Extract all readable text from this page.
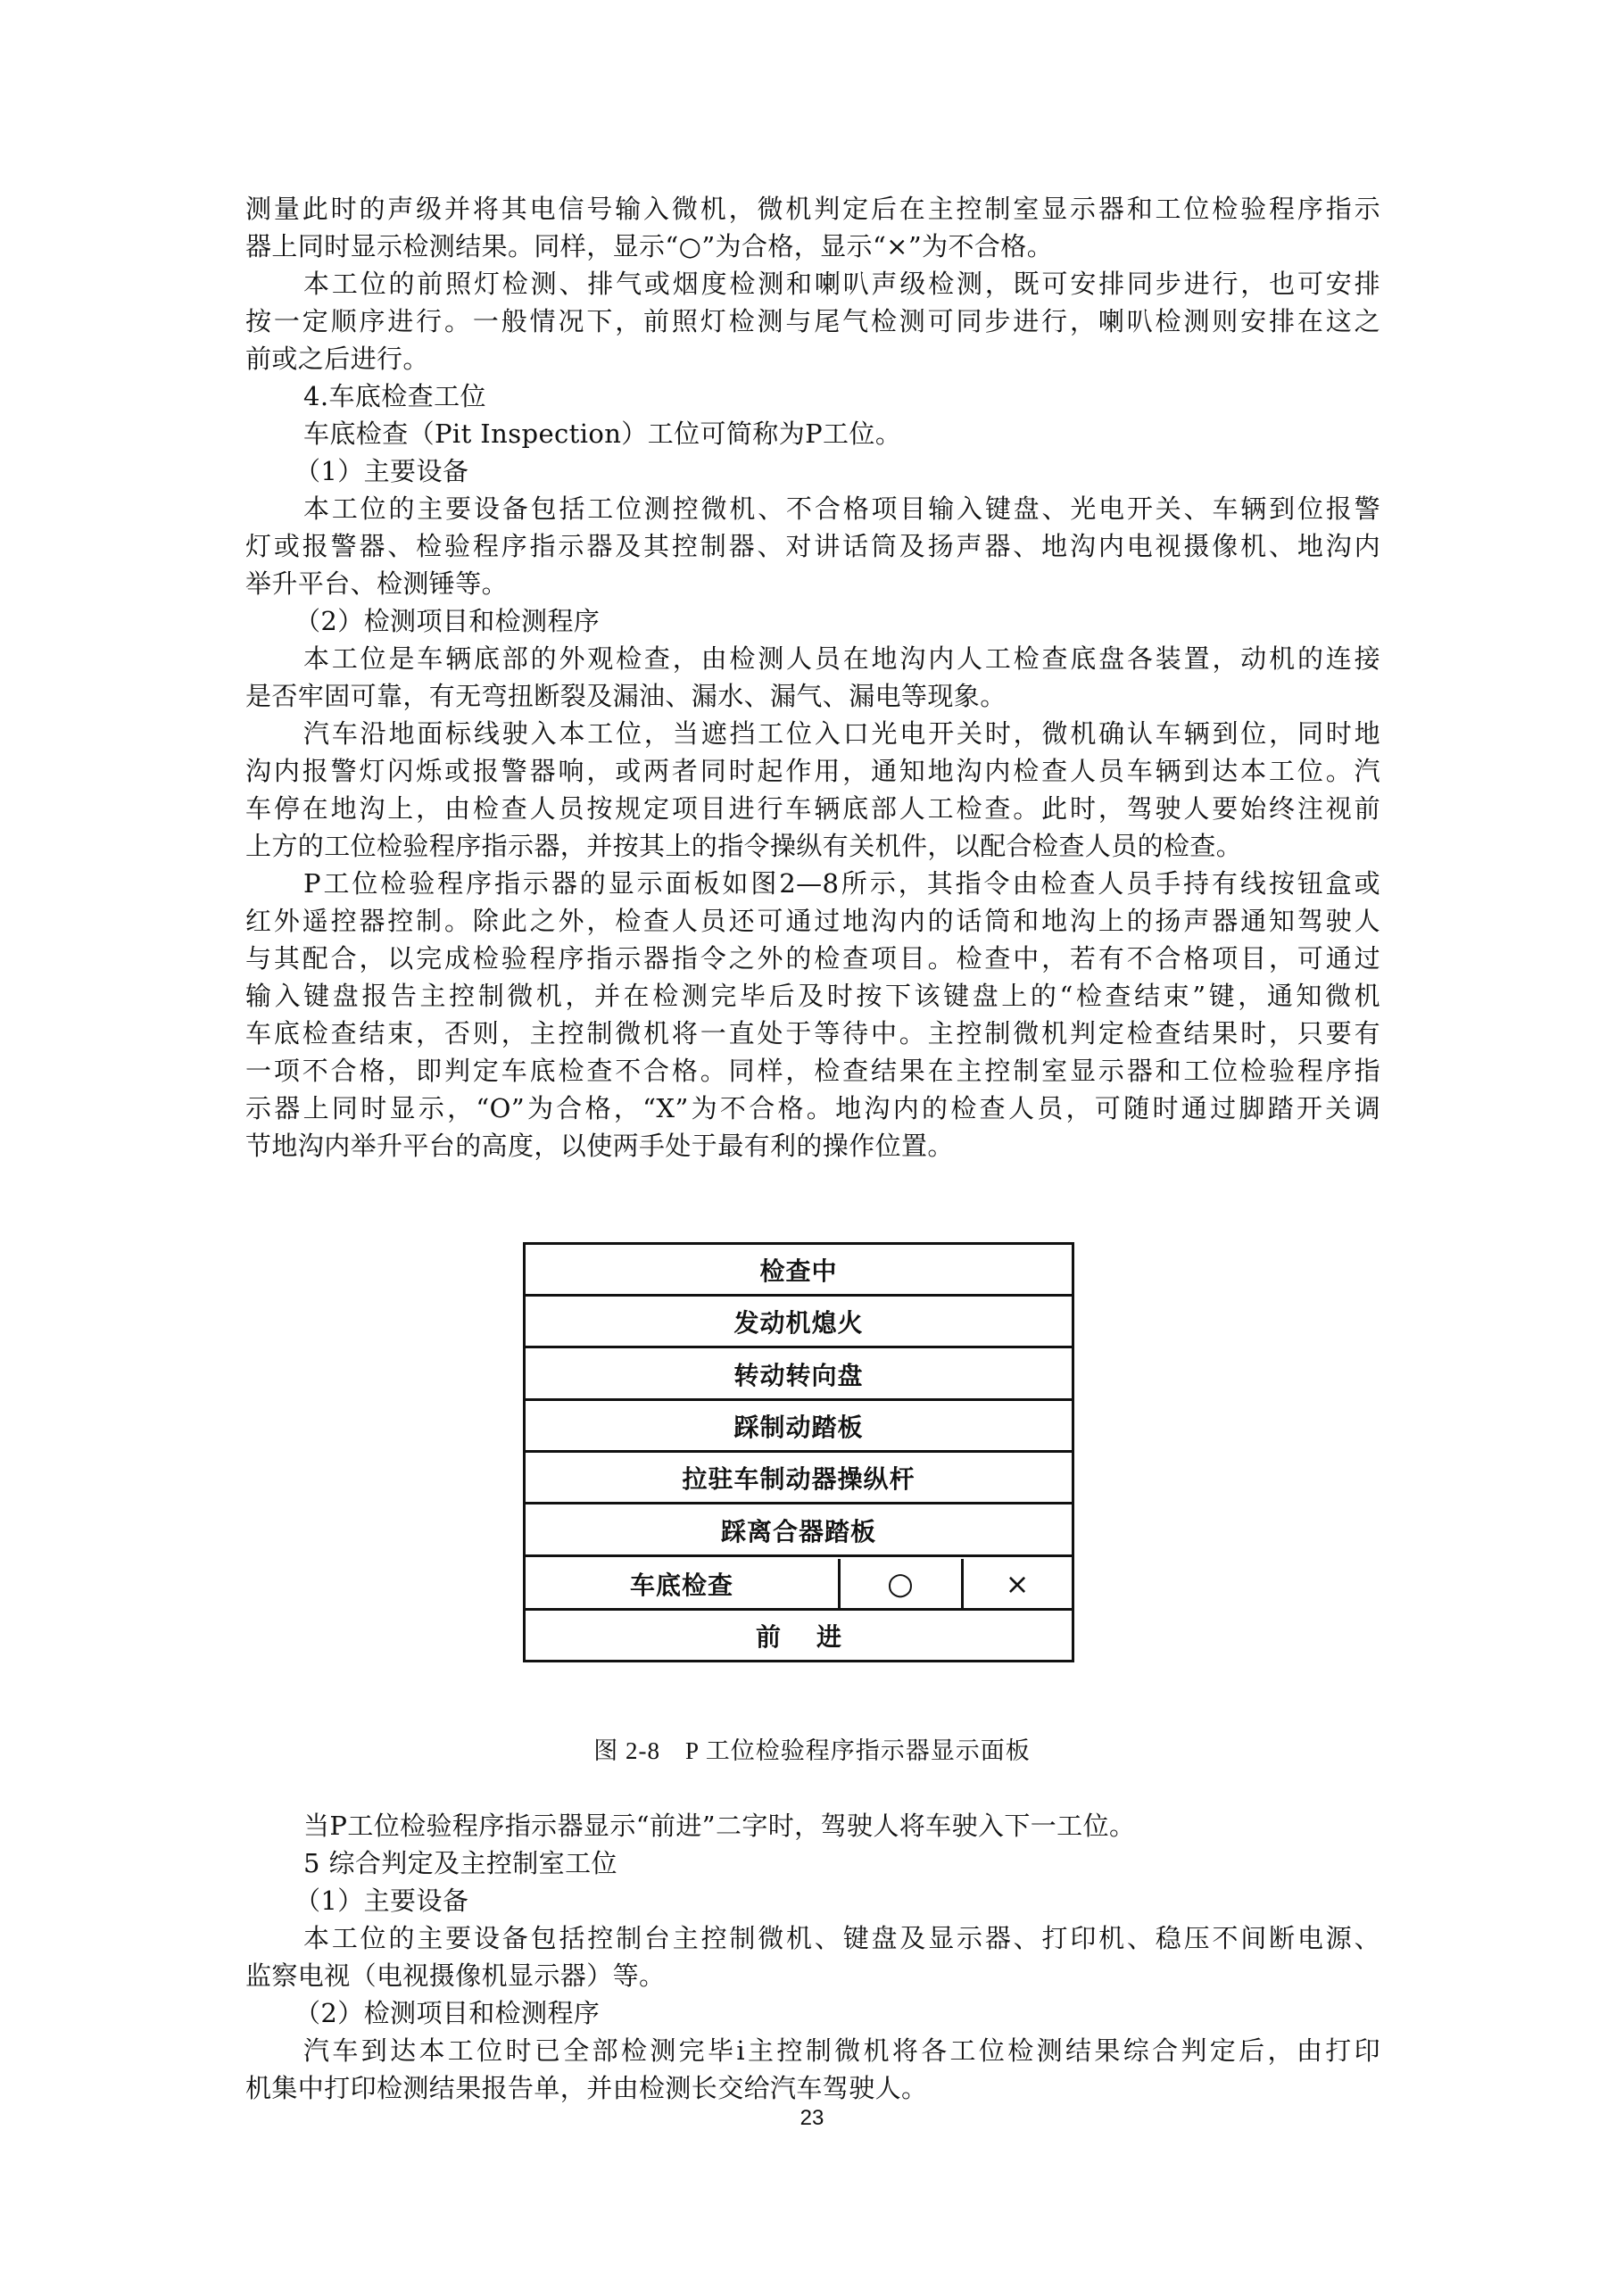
测量此时的声级并将其电信号输入微机，微机判定后在主控制室显示器和工位检验程序指示
器上同时显示检测结果。同样，显示“○”为合格，显示“×”为不合格。
本工位的前照灯检测、排气或烟度检测和喇叭声级检测，既可安排同步进行，也可安排
按一定顺序进行。一般情况下，前照灯检测与尾气检测可同步进行，喇叭检测则安排在这之
前或之后进行。
4.车底检查工位
车底检查（Pit Inspection）工位可简称为P工位。
（1）主要设备
本工位的主要设备包括工位测控微机、不合格项目输入键盘、光电开关、车辆到位报警
灯或报警器、检验程序指示器及其控制器、对讲话筒及扬声器、地沟内电视摄像机、地沟内
举升平台、检测锤等。
（2）检测项目和检测程序
本工位是车辆底部的外观检查，由检测人员在地沟内人工检查底盘各装置，动机的连接
是否牢固可靠，有无弯扭断裂及漏油、漏水、漏气、漏电等现象。
汽车沿地面标线驶入本工位，当遮挡工位入口光电开关时，微机确认车辆到位，同时地
沟内报警灯闪烁或报警器响，或两者同时起作用，通知地沟内检查人员车辆到达本工位。汽
车停在地沟上，由检查人员按规定项目进行车辆底部人工检查。此时，驾驶人要始终注视前
上方的工位检验程序指示器，并按其上的指令操纵有关机件，以配合检查人员的检查。
P工位检验程序指示器的显示面板如图2—8所示，其指令由检查人员手持有线按钮盒或
红外遥控器控制。除此之外，检查人员还可通过地沟内的话筒和地沟上的扬声器通知驾驶人
与其配合，以完成检验程序指示器指令之外的检查项目。检查中，若有不合格项目，可通过
输入键盘报告主控制微机，并在检测完毕后及时按下该键盘上的“检查结束”键，通知微机
车底检查结束，否则，主控制微机将一直处于等待中。主控制微机判定检查结果时，只要有
一项不合格，即判定车底检查不合格。同样，检查结果在主控制室显示器和工位检验程序指
示器上同时显示，“O”为合格，“X”为不合格。地沟内的检查人员，可随时通过脚踏开关调
节地沟内举升平台的高度，以使两手处于最有利的操作位置。
检查中
发动机熄火
转动转向盘
踩制动踏板
拉驻车制动器操纵杆
踩离合器踏板
车底检查	○	×
前进
图 2-8　P 工位检验程序指示器显示面板
当P工位检验程序指示器显示“前进”二字时，驾驶人将车驶入下一工位。
5 综合判定及主控制室工位
（1）主要设备
本工位的主要设备包括控制台主控制微机、键盘及显示器、打印机、稳压不间断电源、
监察电视（电视摄像机显示器）等。
（2）检测项目和检测程序
汽车到达本工位时已全部检测完毕i主控制微机将各工位检测结果综合判定后，由打印
机集中打印检测结果报告单，并由检测长交给汽车驾驶人。
23
